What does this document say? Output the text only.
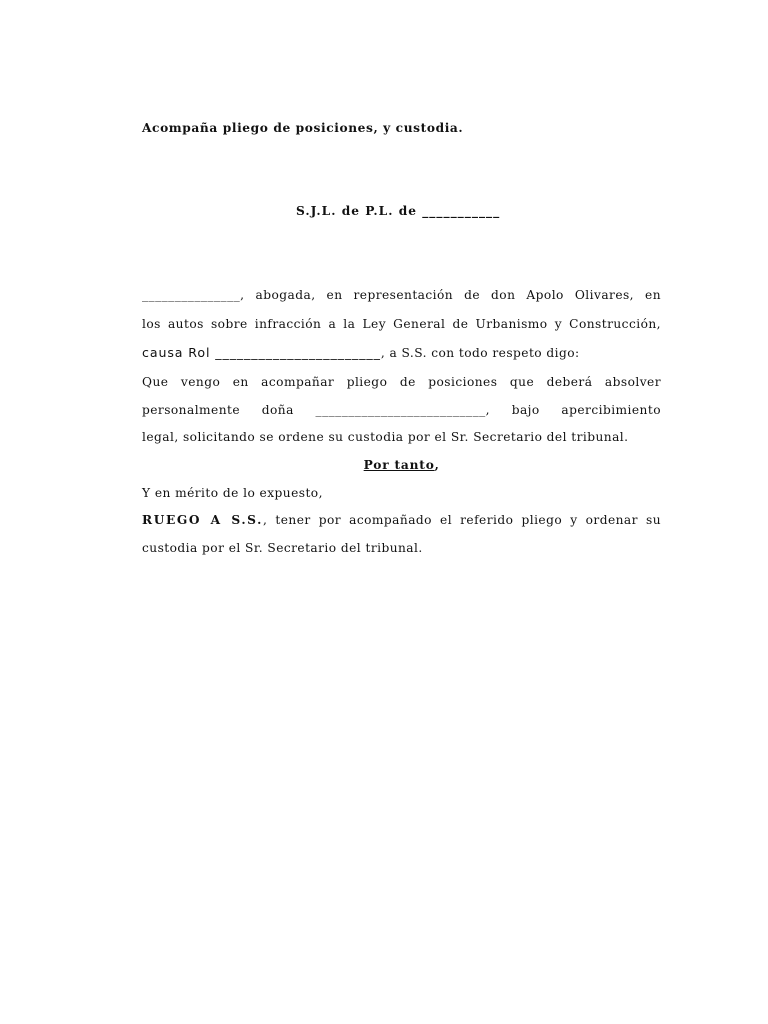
Acompaña pliego de posiciones, y custodia.
S.J.L. de P.L. de ___________
_______________, abogada, en representación de don Apolo Olivares, en
los autos sobre infracción a la Ley General de Urbanismo y Construcción,
causa Rol _______________________, a S.S. con todo respeto digo:
Que vengo en acompañar pliego de posiciones que deberá absolver
personalmente doña __________________________, bajo apercibimiento
legal, solicitando se ordene su custodia por el Sr. Secretario del tribunal.
Por tanto,
Y en mérito de lo expuesto,
RUEGO A S.S., tener por acompañado el referido pliego y ordenar su
custodia por el Sr. Secretario del tribunal.
